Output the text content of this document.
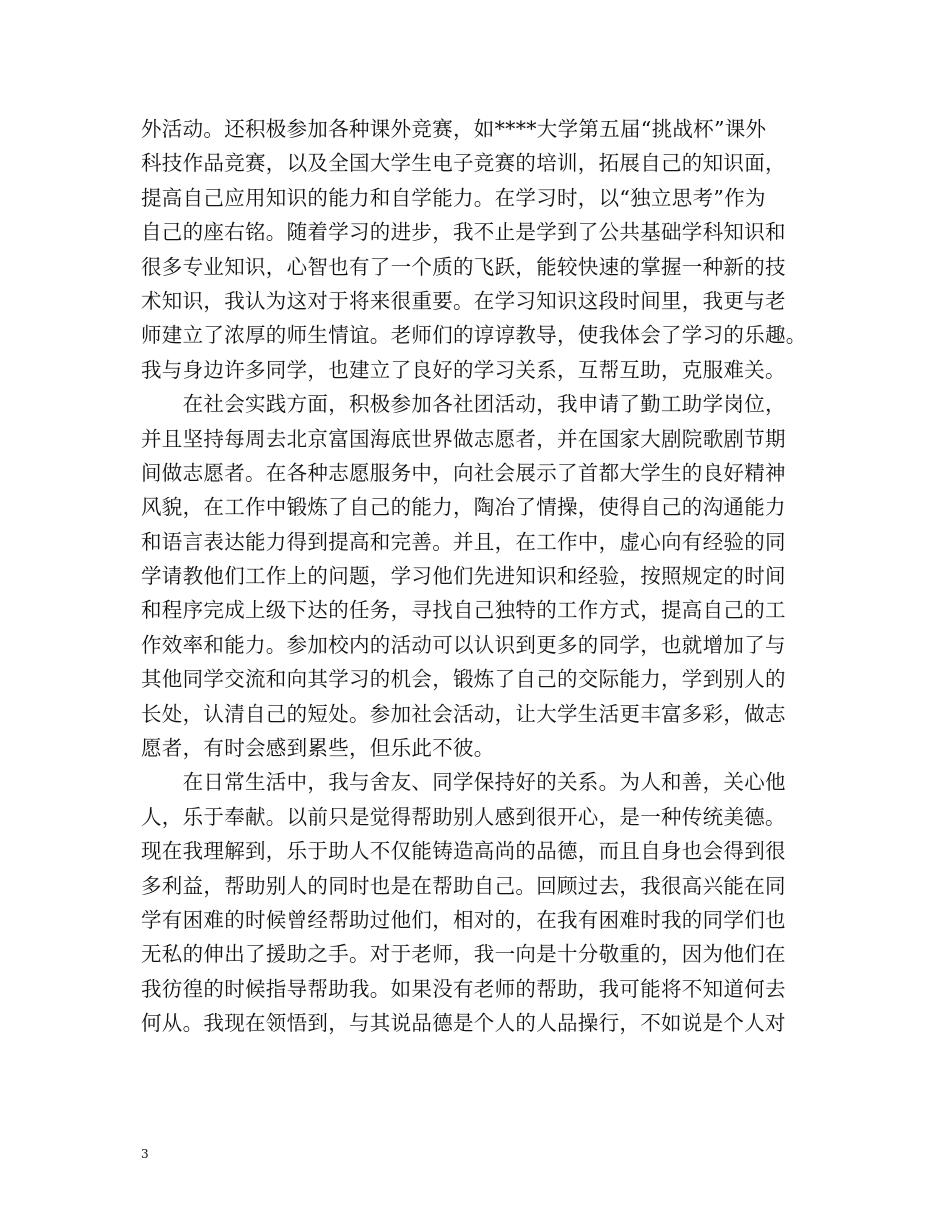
外活动。还积极参加各种课外竞赛，如****大学第五届“挑战杯”课外
科技作品竞赛，以及全国大学生电子竞赛的培训，拓展自己的知识面，
提高自己应用知识的能力和自学能力。在学习时，以“独立思考”作为
自己的座右铭。随着学习的进步，我不止是学到了公共基础学科知识和
很多专业知识，心智也有了一个质的飞跃，能较快速的掌握一种新的技
术知识，我认为这对于将来很重要。在学习知识这段时间里，我更与老
师建立了浓厚的师生情谊。老师们的谆谆教导，使我体会了学习的乐趣。
我与身边许多同学，也建立了良好的学习关系，互帮互助，克服难关。
　　在社会实践方面，积极参加各社团活动，我申请了勤工助学岗位，
并且坚持每周去北京富国海底世界做志愿者，并在国家大剧院歌剧节期
间做志愿者。在各种志愿服务中，向社会展示了首都大学生的良好精神
风貌，在工作中锻炼了自己的能力，陶冶了情操，使得自己的沟通能力
和语言表达能力得到提高和完善。并且，在工作中，虚心向有经验的同
学请教他们工作上的问题，学习他们先进知识和经验，按照规定的时间
和程序完成上级下达的任务，寻找自己独特的工作方式，提高自己的工
作效率和能力。参加校内的活动可以认识到更多的同学，也就增加了与
其他同学交流和向其学习的机会，锻炼了自己的交际能力，学到别人的
长处，认清自己的短处。参加社会活动，让大学生活更丰富多彩，做志
愿者，有时会感到累些，但乐此不彼。
　　在日常生活中，我与舍友、同学保持好的关系。为人和善，关心他
人，乐于奉献。以前只是觉得帮助别人感到很开心，是一种传统美德。
现在我理解到，乐于助人不仅能铸造高尚的品德，而且自身也会得到很
多利益，帮助别人的同时也是在帮助自己。回顾过去，我很高兴能在同
学有困难的时候曾经帮助过他们，相对的，在我有困难时我的同学们也
无私的伸出了援助之手。对于老师，我一向是十分敬重的，因为他们在
我彷徨的时候指导帮助我。如果没有老师的帮助，我可能将不知道何去
何从。我现在领悟到，与其说品德是个人的人品操行，不如说是个人对
3
